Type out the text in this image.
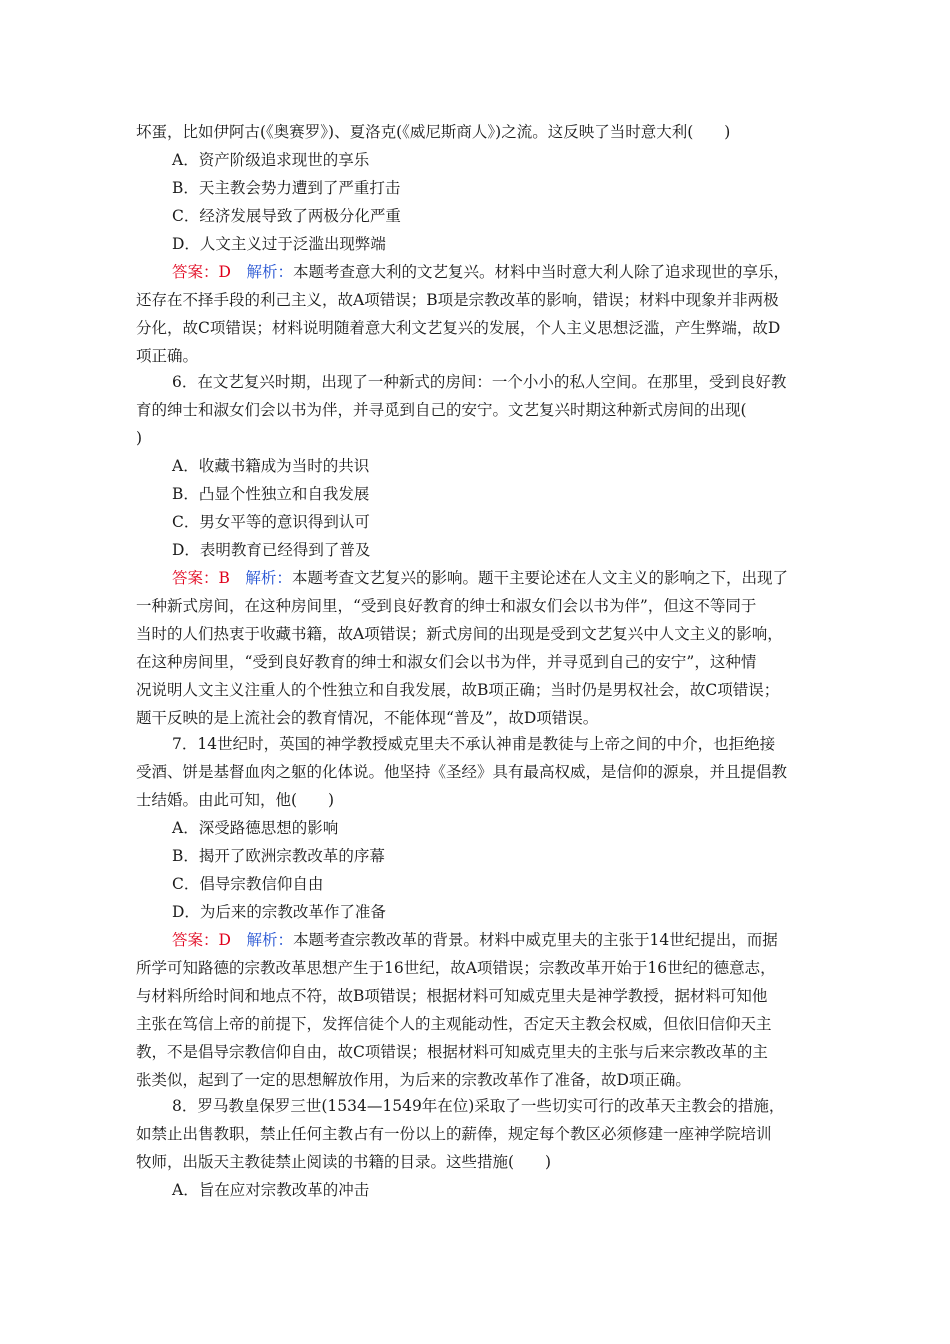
坏蛋，比如伊阿古(《奥赛罗》)、夏洛克(《威尼斯商人》)之流。这反映了当时意大利(　　)
A．资产阶级追求现世的享乐
B．天主教会势力遭到了严重打击
C．经济发展导致了两极分化严重
D．人文主义过于泛滥出现弊端
答案：D　 解析：本题考查意大利的文艺复兴。材料中当时意大利人除了追求现世的享乐，
还存在不择手段的利己主义，故A项错误；B项是宗教改革的影响，错误；材料中现象并非两极
分化，故C项错误；材料说明随着意大利文艺复兴的发展，个人主义思想泛滥，产生弊端，故D
项正确。
6．在文艺复兴时期，出现了一种新式的房间：一个小小的私人空间。在那里，受到良好教
育的绅士和淑女们会以书为伴，并寻觅到自己的安宁。文艺复兴时期这种新式房间的出现(
)
A．收藏书籍成为当时的共识
B．凸显个性独立和自我发展
C．男女平等的意识得到认可
D．表明教育已经得到了普及
答案：B　 解析：本题考查文艺复兴的影响。题干主要论述在人文主义的影响之下，出现了
一种新式房间，在这种房间里，“受到良好教育的绅士和淑女们会以书为伴”，但这不等同于
当时的人们热衷于收藏书籍，故A项错误；新式房间的出现是受到文艺复兴中人文主义的影响，
在这种房间里，“受到良好教育的绅士和淑女们会以书为伴，并寻觅到自己的安宁”，这种情
况说明人文主义注重人的个性独立和自我发展，故B项正确；当时仍是男权社会，故C项错误；
题干反映的是上流社会的教育情况，不能体现“普及”，故D项错误。
7．14世纪时，英国的神学教授威克里夫不承认神甫是教徒与上帝之间的中介，也拒绝接
受酒、饼是基督血肉之躯的化体说。他坚持《圣经》具有最高权威，是信仰的源泉，并且提倡教
士结婚。由此可知，他(　　)
A．深受路德思想的影响
B．揭开了欧洲宗教改革的序幕
C．倡导宗教信仰自由
D．为后来的宗教改革作了准备
答案：D　 解析：本题考查宗教改革的背景。材料中威克里夫的主张于14世纪提出，而据
所学可知路德的宗教改革思想产生于16世纪，故A项错误；宗教改革开始于16世纪的德意志，
与材料所给时间和地点不符，故B项错误；根据材料可知威克里夫是神学教授，据材料可知他
主张在笃信上帝的前提下，发挥信徒个人的主观能动性，否定天主教会权威，但依旧信仰天主
教，不是倡导宗教信仰自由，故C项错误；根据材料可知威克里夫的主张与后来宗教改革的主
张类似，起到了一定的思想解放作用，为后来的宗教改革作了准备，故D项正确。
8．罗马教皇保罗三世(1534—1549年在位)采取了一些切实可行的改革天主教会的措施，
如禁止出售教职，禁止任何主教占有一份以上的薪俸，规定每个教区必须修建一座神学院培训
牧师，出版天主教徒禁止阅读的书籍的目录。这些措施(　　)
A．旨在应对宗教改革的冲击
